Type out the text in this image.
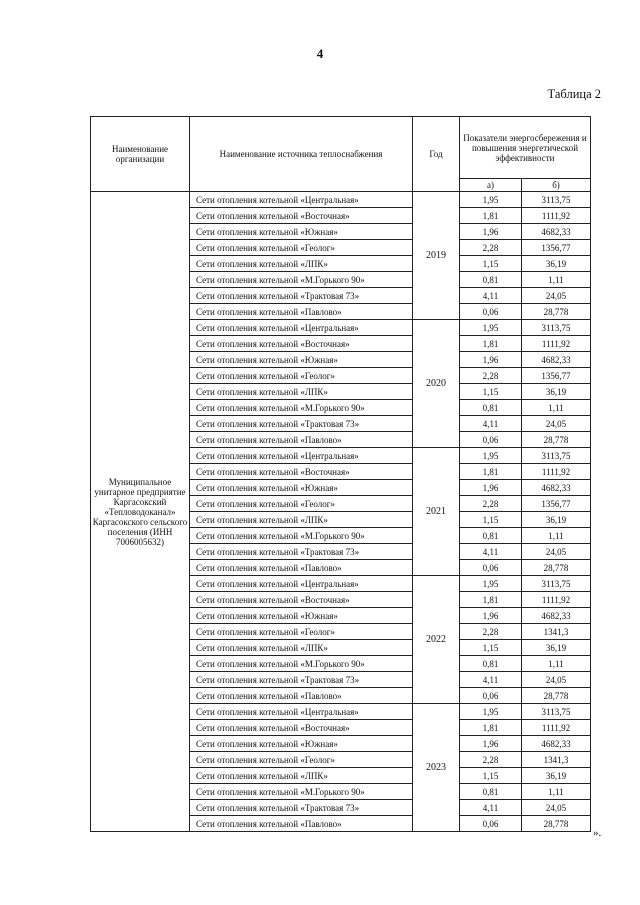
4
Таблица 2
Наименование организации	Наименование источника теплоснабжения	Год	Показатели энергосбережения и повышения энергетической эффективности	
			а)	б)
Муниципальное унитарное предприятие Каргасокский «Тепловодоканал» Каргасокского сельского поселения (ИНН 7006005632)	Сети отопления котельной «Центральная»	2019	1,95	3113,75
	Сети отопления котельной «Восточная»		1,81	1111,92
	Сети отопления котельной «Южная»		1,96	4682,33
	Сети отопления котельной «Геолог»		2,28	1356,77
	Сети отопления котельной «ЛПК»		1,15	36,19
	Сети отопления котельной «М.Горького 90»		0,81	1,11
	Сети отопления котельной «Трактовая 73»		4,11	24,05
	Сети отопления котельной «Павлово»		0,06	28,778
	Сети отопления котельной «Центральная»	2020	1,95	3113,75
	Сети отопления котельной «Восточная»		1,81	1111,92
	Сети отопления котельной «Южная»		1,96	4682,33
	Сети отопления котельной «Геолог»		2,28	1356,77
	Сети отопления котельной «ЛПК»		1,15	36,19
	Сети отопления котельной «М.Горького 90»		0,81	1,11
	Сети отопления котельной «Трактовая 73»		4,11	24,05
	Сети отопления котельной «Павлово»		0,06	28,778
	Сети отопления котельной «Центральная»	2021	1,95	3113,75
	Сети отопления котельной «Восточная»		1,81	1111,92
	Сети отопления котельной «Южная»		1,96	4682,33
	Сети отопления котельной «Геолог»		2,28	1356,77
	Сети отопления котельной «ЛПК»		1,15	36,19
	Сети отопления котельной «М.Горького 90»		0,81	1,11
	Сети отопления котельной «Трактовая 73»		4,11	24,05
	Сети отопления котельной «Павлово»		0,06	28,778
	Сети отопления котельной «Центральная»	2022	1,95	3113,75
	Сети отопления котельной «Восточная»		1,81	1111,92
	Сети отопления котельной «Южная»		1,96	4682,33
	Сети отопления котельной «Геолог»		2,28	1341,3
	Сети отопления котельной «ЛПК»		1,15	36,19
	Сети отопления котельной «М.Горького 90»		0,81	1,11
	Сети отопления котельной «Трактовая 73»		4,11	24,05
	Сети отопления котельной «Павлово»		0,06	28,778
	Сети отопления котельной «Центральная»	2023	1,95	3113,75
	Сети отопления котельной «Восточная»		1,81	1111,92
	Сети отопления котельной «Южная»		1,96	4682,33
	Сети отопления котельной «Геолог»		2,28	1341,3
	Сети отопления котельной «ЛПК»		1,15	36,19
	Сети отопления котельной «М.Горького 90»		0,81	1,11
	Сети отопления котельной «Трактовая 73»		4,11	24,05
	Сети отопления котельной «Павлово»		0,06	28,778
».
